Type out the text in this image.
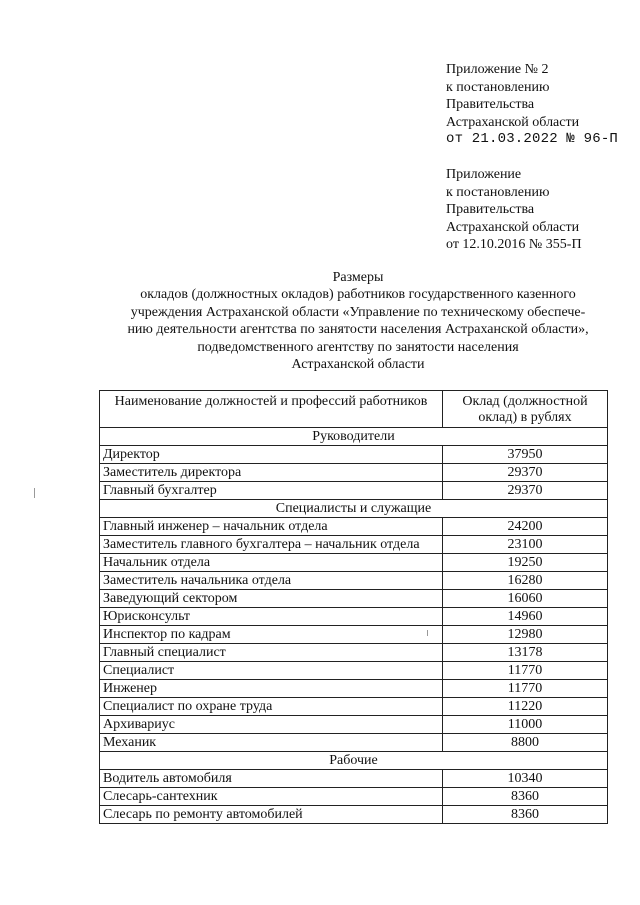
Приложение № 2
к постановлению
Правительства
Астраханской области
от 21.03.2022 № 96-П
Приложение
к постановлению
Правительства
Астраханской области
от 12.10.2016 № 355-П
Размеры
окладов (должностных окладов) работников государственного казенного
учреждения Астраханской области «Управление по техническому обеспече-
нию деятельности агентства по занятости населения Астраханской области»,
подведомственного агентству по занятости населения
Астраханской области
Наименование должностей и профессий работников	Оклад (должностной оклад) в рублях
Руководители	
Директор	37950
Заместитель директора	29370
Главный бухгалтер	29370
Специалисты и служащие	
Главный инженер – начальник отдела	24200
Заместитель главного бухгалтера – начальник отдела	23100
Начальник отдела	19250
Заместитель начальника отдела	16280
Заведующий сектором	16060
Юрисконсульт	14960
Инспектор по кадрам	12980
Главный специалист	13178
Специалист	11770
Инженер	11770
Специалист по охране труда	11220
Архивариус	11000
Механик	8800
Рабочие	
Водитель автомобиля	10340
Слесарь-сантехник	8360
Слесарь по ремонту автомобилей	8360
